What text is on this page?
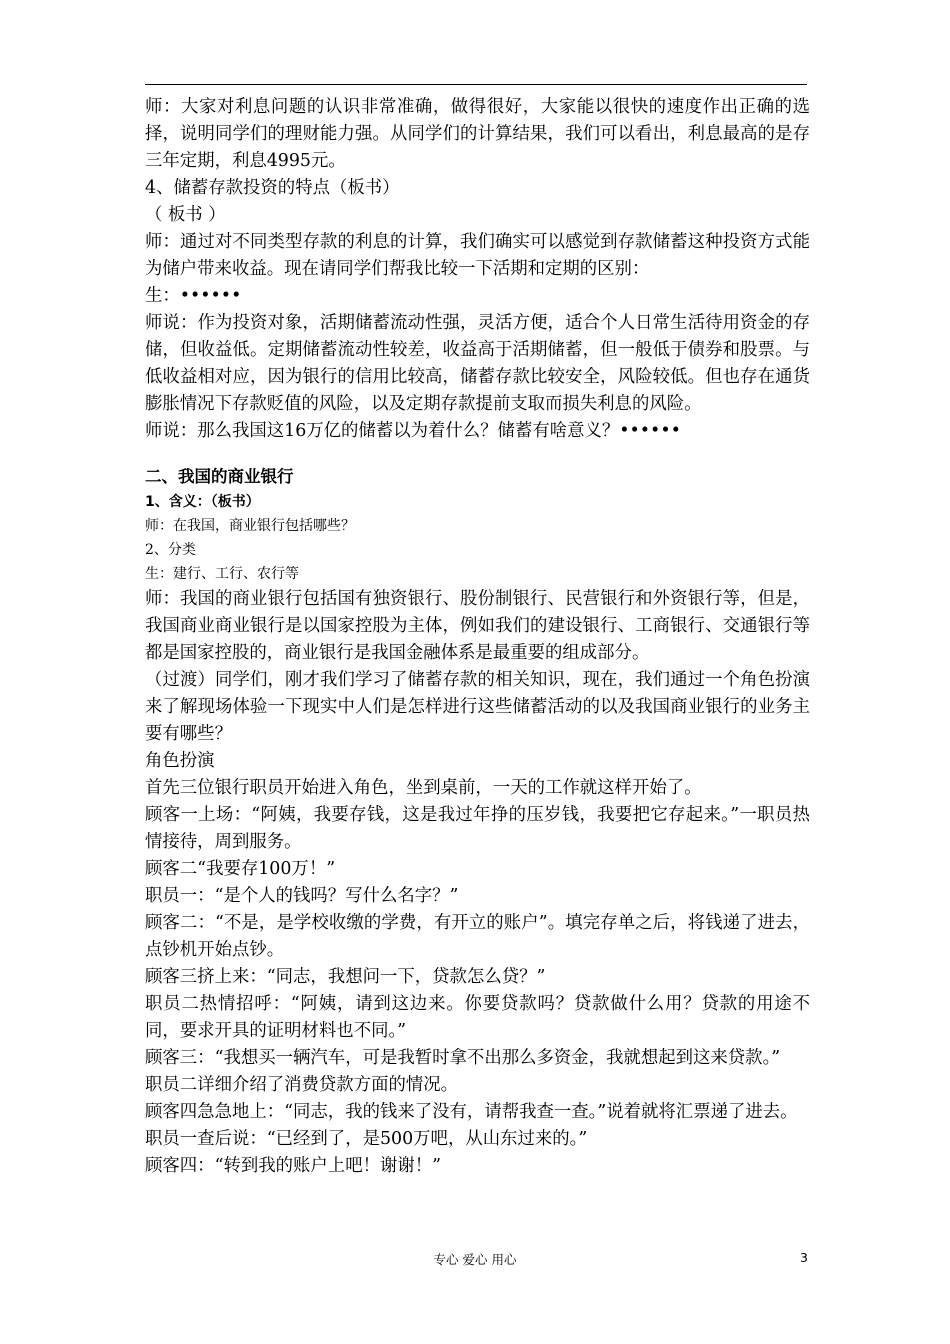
师：大家对利息问题的认识非常准确，做得很好，大家能以很快的速度作出正确的选择，说明同学们的理财能力强。从同学们的计算结果，我们可以看出，利息最高的是存三年定期，利息4995元。

4、储蓄存款投资的特点（板书）

（ 板书 ）

师：通过对不同类型存款的利息的计算，我们确实可以感觉到存款储蓄这种投资方式能为储户带来收益。现在请同学们帮我比较一下活期和定期的区别：

生：••••••

师说：作为投资对象，活期储蓄流动性强，灵活方便，适合个人日常生活待用资金的存储，但收益低。定期储蓄流动性较差，收益高于活期储蓄，但一般低于债券和股票。与低收益相对应，因为银行的信用比较高，储蓄存款比较安全，风险较低。但也存在通货膨胀情况下存款贬值的风险，以及定期存款提前支取而损失利息的风险。

师说：那么我国这16万亿的储蓄以为着什么？储蓄有啥意义？••••••

二、我国的商业银行

1、含义：（板书）

师：在我国，商业银行包括哪些？

2、分类

生：建行、工行、农行等

师：我国的商业银行包括国有独资银行、股份制银行、民营银行和外资银行等，但是，我国商业商业银行是以国家控股为主体，例如我们的建设银行、工商银行、交通银行等都是国家控股的，商业银行是我国金融体系是最重要的组成部分。

（过渡）同学们，刚才我们学习了储蓄存款的相关知识，现在，我们通过一个角色扮演来了解现场体验一下现实中人们是怎样进行这些储蓄活动的以及我国商业银行的业务主要有哪些？

角色扮演

首先三位银行职员开始进入角色，坐到桌前，一天的工作就这样开始了。

顾客一上场：“阿姨，我要存钱，这是我过年挣的压岁钱，我要把它存起来。”一职员热情接待，周到服务。

顾客二“我要存100万！”

职员一：“是个人的钱吗？写什么名字？”

顾客二：“不是，是学校收缴的学费，有开立的账户”。填完存单之后，将钱递了进去，点钞机开始点钞。

顾客三挤上来：“同志，我想问一下，贷款怎么贷？”

职员二热情招呼：“阿姨，请到这边来。你要贷款吗？贷款做什么用？贷款的用途不同，要求开具的证明材料也不同。”

顾客三：“我想买一辆汽车，可是我暂时拿不出那么多资金，我就想起到这来贷款。”

职员二详细介绍了消费贷款方面的情况。

顾客四急急地上：“同志，我的钱来了没有，请帮我查一查。”说着就将汇票递了进去。

职员一查后说：“已经到了，是500万吧，从山东过来的。”

顾客四：“转到我的账户上吧！谢谢！”

专心 爱心 用心	3
